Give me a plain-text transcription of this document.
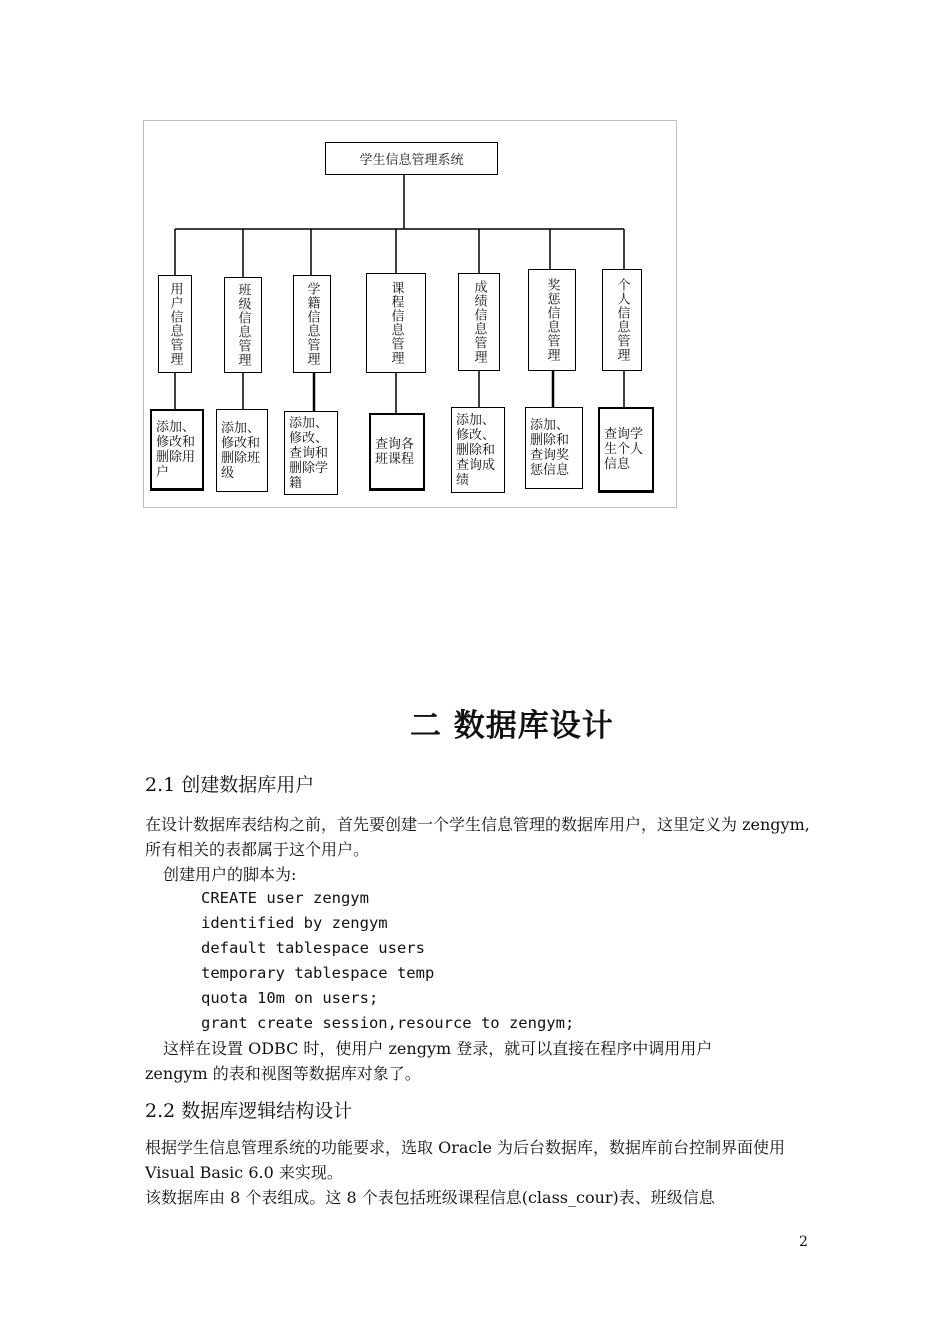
学生信息管理系统
用户信息管理	班级信息管理	学籍信息管理	课程信息管理	成绩信息管理	奖惩信息管理	个人信息管理
添加、修改和删除用户
添加、修改和删除班级
添加、修改、查询和删除学籍
查询各班课程
添加、修改、删除和查询成绩
添加、删除和查询奖惩信息
查询学生个人信息
二 数据库设计
2.1 创建数据库用户
在设计数据库表结构之前，首先要创建一个学生信息管理的数据库用户，这里定义为 zengym,所有相关的表都属于这个用户。
创建用户的脚本为:
CREATE user zengym
identified by zengym
default tablespace users
temporary tablespace temp
quota 10m on users;
grant create session,resource to zengym;
这样在设置 ODBC 时，使用户 zengym 登录，就可以直接在程序中调用用户
zengym 的表和视图等数据库对象了。
2.2 数据库逻辑结构设计
根据学生信息管理系统的功能要求，选取 Oracle 为后台数据库，数据库前台控制界面使用 Visual Basic 6.0 来实现。
该数据库由 8 个表组成。这 8 个表包括班级课程信息(class_cour)表、班级信息
2
